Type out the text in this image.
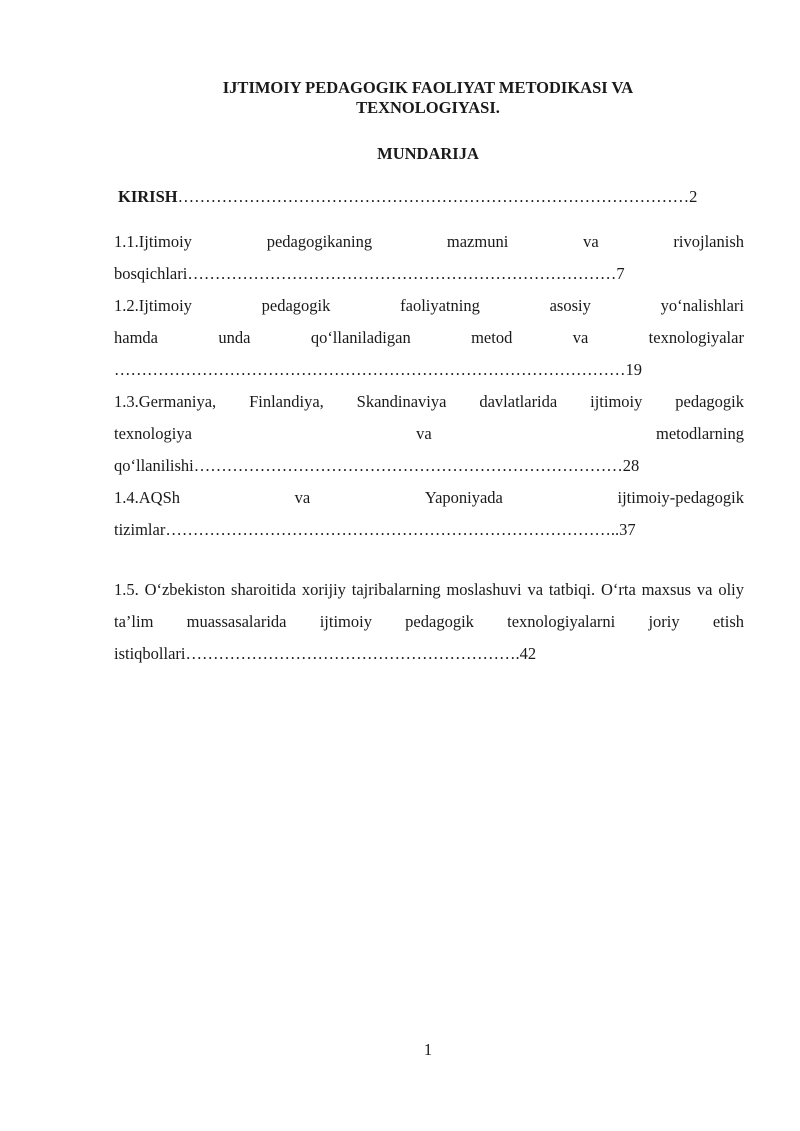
IJTIMOIY PEDAGOGIK FAOLIYAT METODIKASI VA
TEXNOLOGIYASI.
MUNDARIJA
KIRISH…………………………………………………………………………………2
1.1.Ijtimoiy	pedagogikaning	mazmuni	va	rivojlanish
bosqichlari……………………………………………………………………7
1.2.Ijtimoiy	pedagogik	faoliyatning	asosiy	yo‘nalishlari
hamda	unda	qo‘llaniladigan	metod	va	texnologiyalar
…………………………………………………………………………………19
1.3.Germaniya, Finlandiya, Skandinaviya davlatlarida ijtimoiy pedagogik
texnologiya	va	metodlarning
qo‘llanilishi……………………………………………………………………28
1.4.AQSh	va	Yaponiyada	ijtimoiy-pedagogik
tizimlar………………………………………………………………………..37
1.5. O‘zbekiston sharoitida xorijiy tajribalarning moslashuvi va tatbiqi. O‘rta maxsus va oliy ta’lim muassasalarida ijtimoiy pedagogik texnologiyalarni joriy etish istiqbollari…………………………………………………….42
1
